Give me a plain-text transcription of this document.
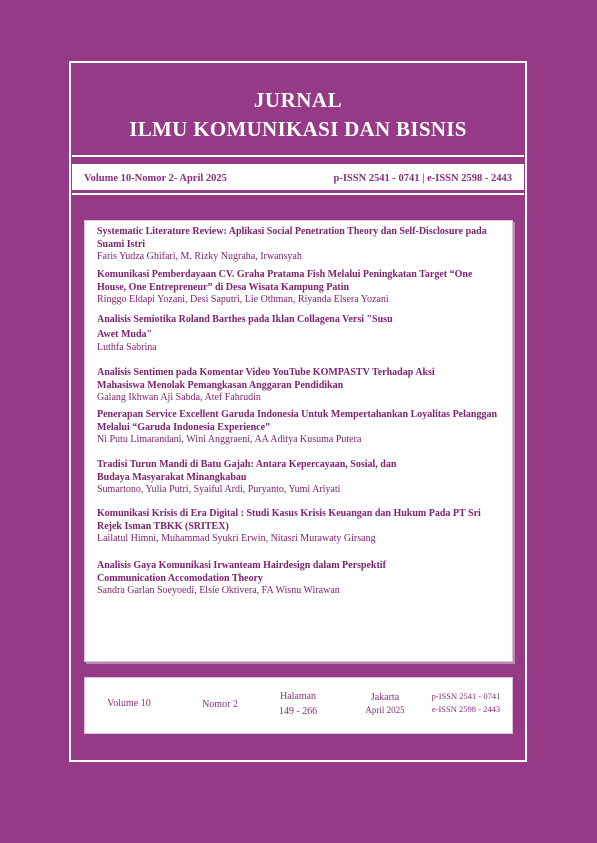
JURNAL
ILMU KOMUNIKASI DAN BISNIS
Volume 10-Nomor 2- April 2025	p-ISSN 2541 - 0741 | e-ISSN 2598 - 2443
Systematic Literature Review: Aplikasi Social Penetration Theory dan Self-Disclosure pada Suami Istri
Faris Yudza Ghifari, M. Rizky Nugraha, Irwansyah
Komunikasi Pemberdayaan CV. Graha Pratama Fish Melalui Peningkatan Target “One House, One Entrepreneur” di Desa Wisata Kampung Patin
Ringgo Eldapi Yozani, Desi Saputri, Lie Othman, Riyanda Elsera Yozani
Analisis Semiotika Roland Barthes pada Iklan Collagena Versi "Susu Awet Muda"
Luthfa Sabrina
Analisis Sentimen pada Komentar Video YouTube KOMPASTV Terhadap Aksi Mahasiswa Menolak Pemangkasan Anggaran Pendidikan
Galang Ikhwan Aji Sabda, Atef Fahrudin
Penerapan Service Excellent Garuda Indonesia Untuk Mempertahankan Loyalitas Pelanggan Melalui “Garuda Indonesia Experience”
Ni Putu Limarandani, Wini Anggraeni, AA Aditya Kusuma Putera
Tradisi Turun Mandi di Batu Gajah: Antara Kepercayaan, Sosial, dan Budaya Masyarakat Minangkabau
Sumartono, Yulia Putri, Syaiful Ardi, Puryanto, Yumi Ariyati
Komunikasi Krisis di Era Digital : Studi Kasus Krisis Keuangan dan Hukum Pada PT Sri Rejek Isman TBKK (SRITEX)
Lailatul Himni, Muhammad Syukri Erwin, Nitasri Murawaty Girsang
Analisis Gaya Komunikasi Irwanteam Hairdesign dalam Perspektif Communication Accomodation Theory
Sandra Garlan Soeyoedi, Elsie Oktivera, FA Wisnu Wirawan
Volume 10	Nomor 2
Halaman
149 - 266
Jakarta
April 2025
p-ISSN 2541 - 0741
e-ISSN 2598 - 2443
